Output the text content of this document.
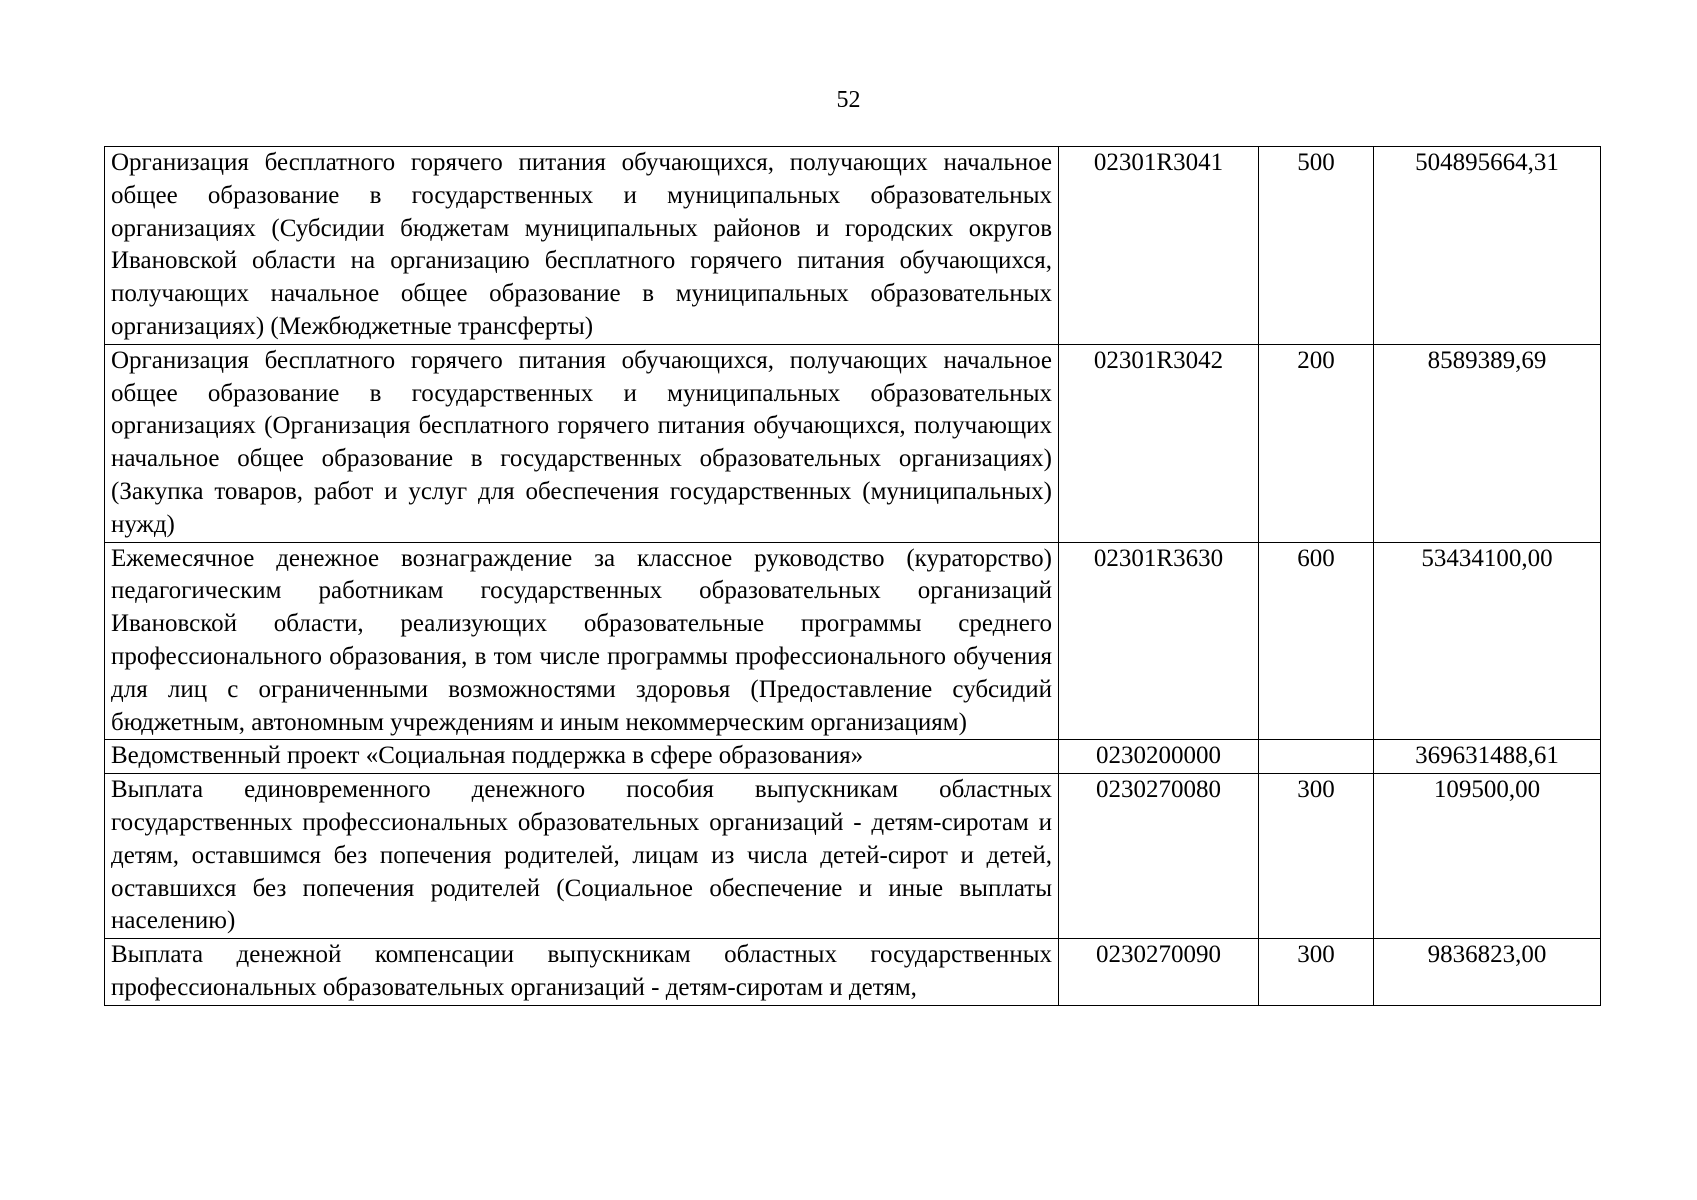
52
Организация бесплатного горячего питания обучающихся, получающих начальное общее образование в государственных и муниципальных образовательных организациях (Субсидии бюджетам муниципальных районов и городских округов Ивановской области на организацию бесплатного горячего питания обучающихся, получающих начальное общее образование в муниципальных образовательных организациях) (Межбюджетные трансферты)	02301R3041	500	504895664,31
Организация бесплатного горячего питания обучающихся, получающих начальное общее образование в государственных и муниципальных образовательных организациях (Организация бесплатного горячего питания обучающихся, получающих начальное общее образование в государственных образовательных организациях) (Закупка товаров, работ и услуг для обеспечения государственных (муниципальных) нужд)	02301R3042	200	8589389,69
Ежемесячное денежное вознаграждение за классное руководство (кураторство) педагогическим работникам государственных образовательных организаций Ивановской области, реализующих образовательные программы среднего профессионального образования, в том числе программы профессионального обучения для лиц с ограниченными возможностями здоровья (Предоставление субсидий бюджетным, автономным учреждениям и иным некоммерческим организациям)	02301R3630	600	53434100,00
Ведомственный проект «Социальная поддержка в сфере образования»	0230200000		369631488,61
Выплата единовременного денежного пособия выпускникам областных государственных профессиональных образовательных организаций - детям-сиротам и детям, оставшимся без попечения родителей, лицам из числа детей-сирот и детей, оставшихся без попечения родителей (Социальное обеспечение и иные выплаты населению)	0230270080	300	109500,00
Выплата денежной компенсации выпускникам областных государственных профессиональных образовательных организаций - детям-сиротам и детям,	0230270090	300	9836823,00
